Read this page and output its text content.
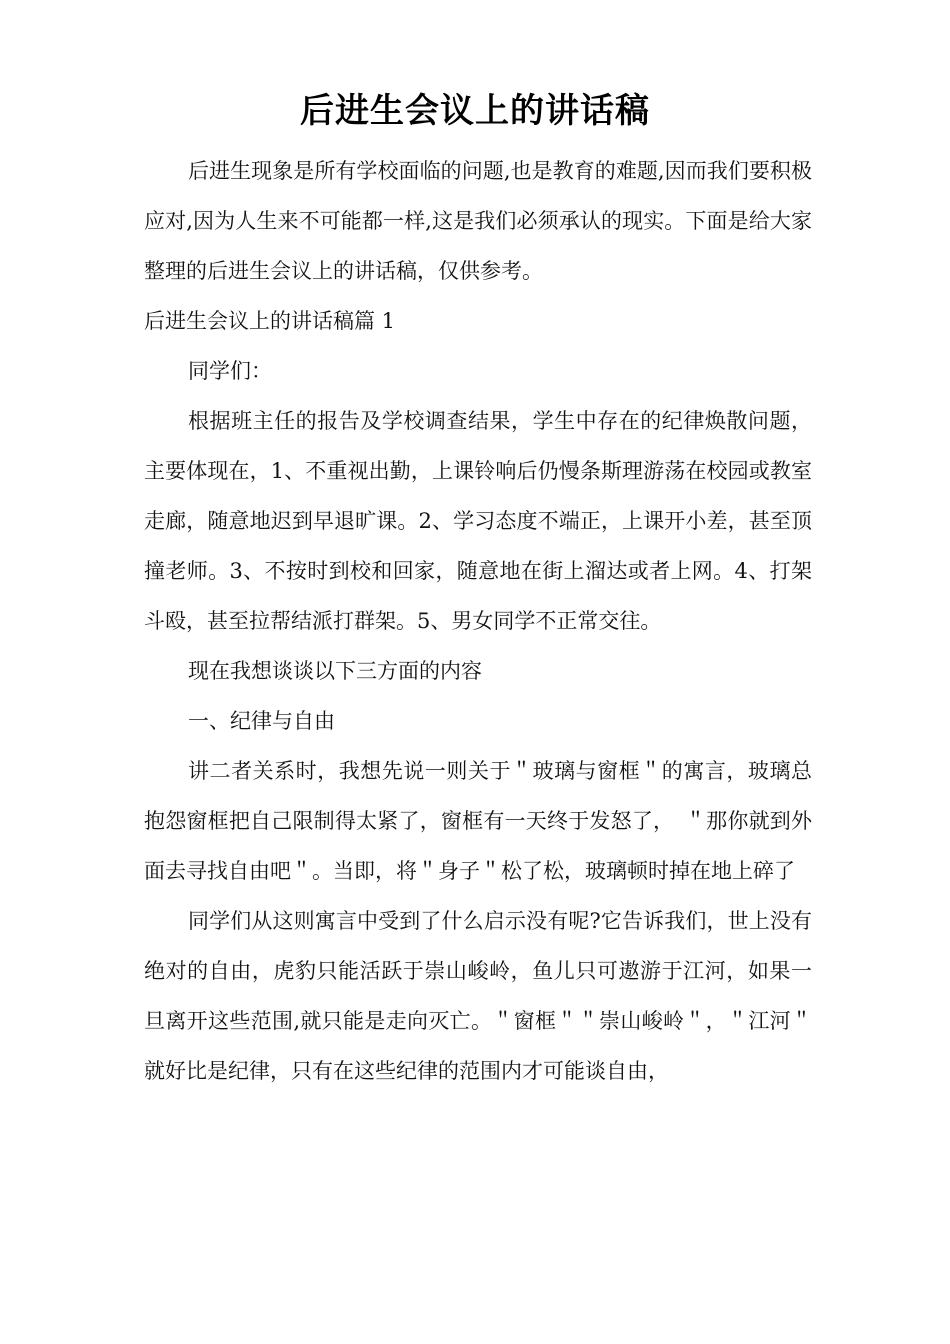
后进生会议上的讲话稿

后进生现象是所有学校面临的问题,也是教育的难题,因而我们要积极应对,因为人生来不可能都一样,这是我们必须承认的现实。下面是给大家整理的后进生会议上的讲话稿，仅供参考。

后进生会议上的讲话稿篇 1

同学们：

根据班主任的报告及学校调查结果，学生中存在的纪律焕散问题，主要体现在，1、不重视出勤，上课铃响后仍慢条斯理游荡在校园或教室走廊，随意地迟到早退旷课。2、学习态度不端正，上课开小差，甚至顶撞老师。3、不按时到校和回家，随意地在街上溜达或者上网。4、打架斗殴，甚至拉帮结派打群架。5、男女同学不正常交往。

现在我想谈谈以下三方面的内容

一、纪律与自由

讲二者关系时，我想先说一则关于＂玻璃与窗框＂的寓言，玻璃总抱怨窗框把自己限制得太紧了，窗框有一天终于发怒了，　＂那你就到外面去寻找自由吧＂。当即，将＂身子＂松了松，玻璃顿时掉在地上碎了

同学们从这则寓言中受到了什么启示没有呢?它告诉我们，世上没有绝对的自由，虎豹只能活跃于崇山峻岭，鱼儿只可遨游于江河，如果一旦离开这些范围,就只能是走向灭亡。＂窗框＂＂崇山峻岭＂，＂江河＂就好比是纪律，只有在这些纪律的范围内才可能谈自由，
